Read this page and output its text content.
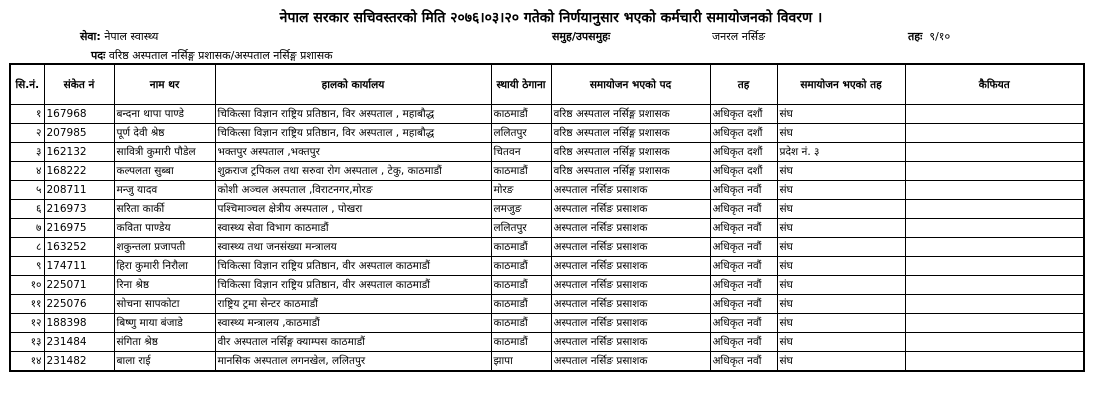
नेपाल सरकार सचिवस्तरको मिति २०७६।०३।२० गतेको निर्णयानुसार भएको कर्मचारी समायोजनको विवरण ।
सेवा: नेपाल स्वास्थ्य	समुह/उपसमुहः	जनरल नर्सिङ	तहः ९/१०
पदः वरिष्ठ अस्पताल नर्सिङ्ग प्रशासक/अस्पताल नर्सिङ्ग प्रशासक
सि.नं.	संकेत नं	नाम थर	हालको कार्यालय	स्थायी ठेगाना	समायोजन भएको पद	तह	समायोजन भएको तह	कैफियत
१	167968	बन्दना थापा पाण्डे	चिकित्सा विज्ञान राष्ट्रिय प्रतिष्ठान, विर अस्पताल , महाबौद्ध	काठमाडौं	वरिष्ठ अस्पताल नर्सिङ्ग प्रशासक	अधिकृत दशौं	संघ	
२	207985	पूर्ण देवी श्रेष्ठ	चिकित्सा विज्ञान राष्ट्रिय प्रतिष्ठान, विर अस्पताल , महाबौद्ध	ललितपुर	वरिष्ठ अस्पताल नर्सिङ्ग प्रशासक	अधिकृत दशौं	संघ	
३	162132	सावित्री कुमारी पौडेल	भक्तपुर अस्पताल ,भक्तपुर	चितवन	वरिष्ठ अस्पताल नर्सिङ्ग प्रशासक	अधिकृत दशौं	प्रदेश नं. ३	
४	168222	कल्पलता सुब्बा	शुक्रराज ट्रपिकल तथा सरुवा रोग अस्पताल , टेकु, काठमाडौं	काठमाडौं	वरिष्ठ अस्पताल नर्सिङ्ग प्रशासक	अधिकृत दशौं	संघ	
५	208711	मन्जु यादव	कोशी अञ्चल अस्पताल ,विराटनगर,मोरङ	मोरङ	अस्पताल नर्सिङ प्रसाशक	अधिकृत नवौं	संघ	
६	216973	सरिता कार्की	पश्चिमाञ्चल क्षेत्रीय अस्पताल , पोखरा	लमजुङ	अस्पताल नर्सिङ प्रसाशक	अधिकृत नवौं	संघ	
७	216975	कविता पाण्डेय	स्वास्थ्य सेवा विभाग काठमाडौं	ललितपुर	अस्पताल नर्सिङ प्रसाशक	अधिकृत नवौं	संघ	
८	163252	शकुन्तला प्रजापती	स्वास्थ्य तथा जनसंख्या मन्त्रालय	काठमाडौं	अस्पताल नर्सिङ प्रसाशक	अधिकृत नवौं	संघ	
९	174711	हिरा कुमारी निरौला	चिकित्सा विज्ञान राष्ट्रिय प्रतिष्ठान, वीर अस्पताल काठमाडौं	काठमाडौं	अस्पताल नर्सिङ प्रसाशक	अधिकृत नवौं	संघ	
१०	225071	रिना श्रेष्ठ	चिकित्सा विज्ञान राष्ट्रिय प्रतिष्ठान, वीर अस्पताल काठमाडौं	काठमाडौं	अस्पताल नर्सिङ प्रसाशक	अधिकृत नवौं	संघ	
११	225076	सोचना सापकोटा	राष्ट्रिय ट्रमा सेन्टर काठमाडौं	काठमाडौं	अस्पताल नर्सिङ प्रसाशक	अधिकृत नवौं	संघ	
१२	188398	बिष्णु माया बंजाडे	स्वास्थ्य मन्त्रालय ,काठमाडौं	काठमाडौं	अस्पताल नर्सिङ प्रसाशक	अधिकृत नवौं	संघ	
१३	231484	संगिता श्रेष्ठ	वीर अस्पताल नर्सिङ्ग क्याम्पस काठमाडौं	काठमाडौं	अस्पताल नर्सिङ प्रसाशक	अधिकृत नवौं	संघ	
१४	231482	बाला राई	मानसिक अस्पताल लगनखेल, ललितपुर	झापा	अस्पताल नर्सिङ प्रसाशक	अधिकृत नवौं	संघ	
